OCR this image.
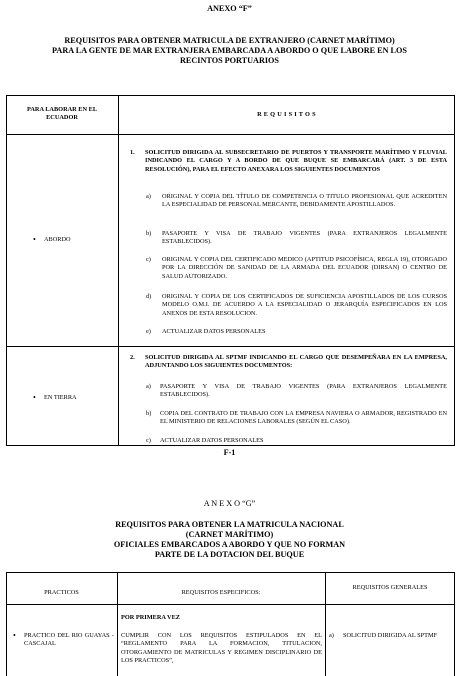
ANEXO “F”
REQUISITOS PARA OBTENER MATRICULA DE EXTRANJERO (CARNET MARÍTIMO)
PARA LA GENTE DE MAR EXTRANJERA EMBARCADA A ABORDO O QUE LABORE EN LOS
RECINTOS PORTUARIOS
PARA LABORAR EN EL ECUADOR	R E Q U I S I T O S
• ABORDO
1. SOLICITUD DIRIGIDA AL SUBSECRETARIO DE PUERTOS Y TRANSPORTE MARÍTIMO Y FLUVIAL INDICANDO EL CARGO Y A BORDO DE QUE BUQUE SE EMBARCARÁ (ART. 3 DE ESTA RESOLUCIÓN), PARA EL EFECTO ANEXARA LOS SIGUIENTES DOCUMENTOS
a) ORIGINAL Y COPIA DEL TÍTULO DE COMPETENCIA O TITULO PROFESIONAL QUE ACREDITEN LA ESPECIALIDAD DE PERSONAL MERCANTE, DEBIDAMENTE APOSTILLADOS.
b) PASAPORTE Y VISA DE TRABAJO VIGENTES (PARA EXTRANJEROS LEGALMENTE ESTABLECIDOS).
c) ORIGINAL Y COPIA DEL CERTIFICADO MEDICO (APTITUD PSICOFÍSICA, REGLA 19), OTORGADO POR LA DIRECCIÓN DE SANIDAD DE LA ARMADA DEL ECUADOR (DIRSAN) O CENTRO DE SALUD AUTORIZADO.
d) ORIGINAL Y COPIA DE LOS CERTIFICADOS DE SUFICIENCIA APOSTILLADOS DE LOS CURSOS MODELO O.M.I. DE ACUERDO A LA ESPECIALIDAD O JERARQUÍA ESPECIFICADOS EN LOS ANEXOS DE ESTA RESOLUCION.
e) ACTUALIZAR DATOS PERSONALES
• EN TIERRA
2. SOLICITUD DIRIGIDA AL SPTMF INDICANDO EL CARGO QUE DESEMPEÑARA EN LA EMPRESA, ADJUNTANDO LOS SIGUIENTES DOCUMENTOS:
a) PASAPORTE Y VISA DE TRABAJO VIGENTES (PARA EXTRANJEROS LEGALMENTE ESTABLECIDOS).
b) COPIA DEL CONTRATO DE TRABAJO CON LA EMPRESA NAVIERA O ARMADOR, REGISTRADO EN EL MINISTERIO DE RELACIONES LABORALES (SEGÚN EL CASO).
c) ACTUALIZAR DATOS PERSONALES
F-1
A N E X O “G”
REQUISITOS PARA OBTENER LA MATRICULA NACIONAL
(CARNET MARÍTIMO)
OFICIALES EMBARCADOS A ABORDO Y QUE NO FORMAN
PARTE DE LA DOTACION DEL BUQUE
PRACTICOS	REQUISITOS ESPECIFICOS:
REQUISITOS GENERALES
• PRACTICO DEL RIO GUAYAS - CASCAJAL
POR PRIMERA VEZ
CUMPLIR CON LOS REQUISITOS ESTIPULADOS EN EL “REGLAMENTO PARA LA FORMACION, TITULACION, OTORGAMIENTO DE MATRICULAS Y REGIMEN DISCIPLINARIO DE LOS PRACTICOS”,
a) SOLICITUD DIRIGIDA AL SPTMF
